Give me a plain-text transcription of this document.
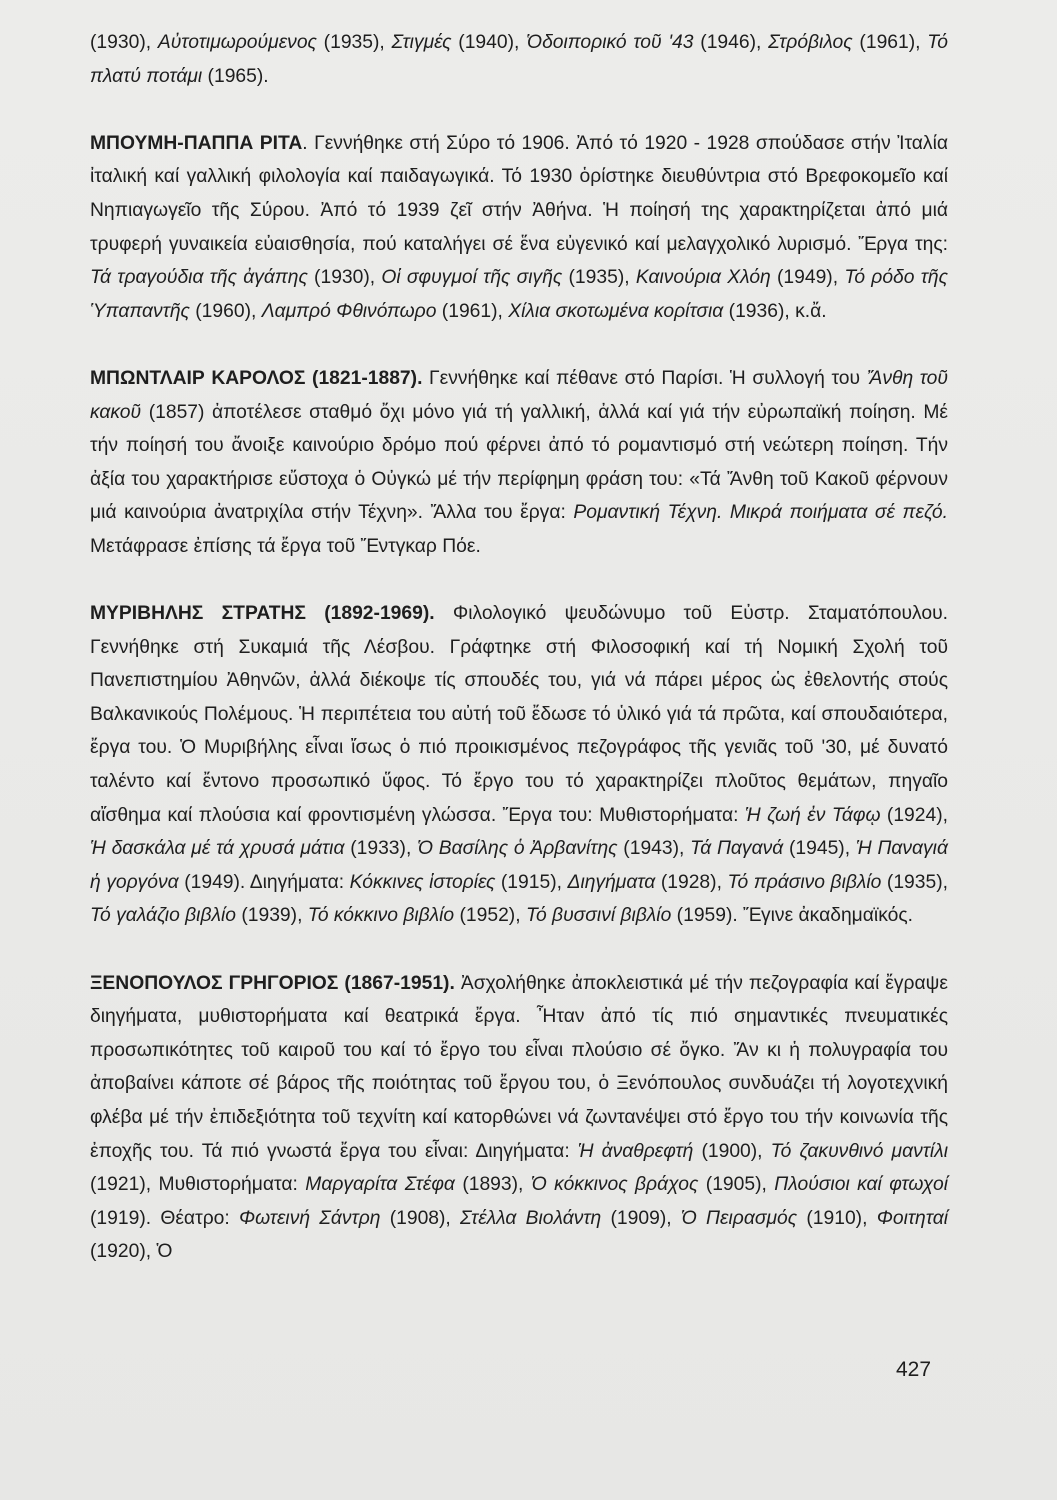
(1930), Αὐτοτιμωρούμενος (1935), Στιγμές (1940), Ὁδοιπορικό τοῦ '43 (1946), Στρόβιλος (1961), Τό πλατύ ποτάμι (1965).

ΜΠΟΥΜΗ-ΠΑΠΠΑ ΡΙΤΑ. Γεννήθηκε στή Σύρο τό 1906. Ἀπό τό 1920 - 1928 σπούδασε στήν Ἰταλία ἰταλική καί γαλλική φιλολογία καί παιδαγωγικά. Τό 1930 ὁρίστηκε διευθύντρια στό Βρεφοκομεῖο καί Νηπιαγωγεῖο τῆς Σύρου. Ἀπό τό 1939 ζεῖ στήν Ἀθήνα. Ἡ ποίησή της χαρακτηρίζεται ἀπό μιά τρυφερή γυναικεία εὐαισθησία, πού καταλήγει σέ ἕνα εὐγενικό καί μελαγχολικό λυρισμό. Ἔργα της: Τά τραγούδια τῆς ἀγάπης (1930), Οἱ σφυγμοί τῆς σιγῆς (1935), Καινούρια Χλόη (1949), Τό ρόδο τῆς Ὑπαπαντῆς (1960), Λαμπρό Φθινόπωρο (1961), Χίλια σκοτωμένα κορίτσια (1936), κ.ἄ.

ΜΠΩΝΤΛΑΙΡ ΚΑΡΟΛΟΣ (1821-1887). Γεννήθηκε καί πέθανε στό Παρίσι. Ἡ συλλογή του Ἄνθη τοῦ κακοῦ (1857) ἀποτέλεσε σταθμό ὄχι μόνο γιά τή γαλλική, ἀλλά καί γιά τήν εὐρωπαϊκή ποίηση. Μέ τήν ποίησή του ἄνοιξε καινούριο δρόμο πού φέρνει ἀπό τό ρομαντισμό στή νεώτερη ποίηση. Τήν ἀξία του χαρακτήρισε εὔστοχα ὁ Οὐγκώ μέ τήν περίφημη φράση του: «Τά Ἄνθη τοῦ Κακοῦ φέρνουν μιά καινούρια ἀνατριχίλα στήν Τέχνη». Ἄλλα του ἔργα: Ρομαντική Τέχνη. Μικρά ποιήματα σέ πεζό. Μετάφρασε ἐπίσης τά ἔργα τοῦ Ἔντγκαρ Πόε.

ΜΥΡΙΒΗΛΗΣ ΣΤΡΑΤΗΣ (1892-1969). Φιλολογικό ψευδώνυμο τοῦ Εὐστρ. Σταματόπουλου. Γεννήθηκε στή Συκαμιά τῆς Λέσβου. Γράφτηκε στή Φιλοσοφική καί τή Νομική Σχολή τοῦ Πανεπιστημίου Ἀθηνῶν, ἀλλά διέκοψε τίς σπουδές του, γιά νά πάρει μέρος ὡς ἐθελοντής στούς Βαλκανικούς Πολέμους. Ἡ περιπέτεια του αὐτή τοῦ ἔδωσε τό ὑλικό γιά τά πρῶτα, καί σπουδαιότερα, ἔργα του. Ὁ Μυριβήλης εἶναι ἴσως ὁ πιό προικισμένος πεζογράφος τῆς γενιᾶς τοῦ '30, μέ δυνατό ταλέντο καί ἔντονο προσωπικό ὕφος. Τό ἔργο του τό χαρακτηρίζει πλοῦτος θεμάτων, πηγαῖο αἴσθημα καί πλούσια καί φροντισμένη γλώσσα. Ἔργα του: Μυθιστορήματα: Ἡ ζωή ἐν Τάφῳ (1924), Ἡ δασκάλα μέ τά χρυσά μάτια (1933), Ὁ Βασίλης ὁ Ἀρβανίτης (1943), Τά Παγανά (1945), Ἡ Παναγιά ἡ γοργόνα (1949). Διηγήματα: Κόκκινες ἱστορίες (1915), Διηγήματα (1928), Τό πράσινο βιβλίο (1935), Τό γαλάζιο βιβλίο (1939), Τό κόκκινο βιβλίο (1952), Τό βυσσινί βιβλίο (1959). Ἔγινε ἀκαδημαϊκός.

ΞΕΝΟΠΟΥΛΟΣ ΓΡΗΓΟΡΙΟΣ (1867-1951). Ἀσχολήθηκε ἀποκλειστικά μέ τήν πεζογραφία καί ἔγραψε διηγήματα, μυθιστορήματα καί θεατρικά ἔργα. Ἦταν ἀπό τίς πιό σημαντικές πνευματικές προσωπικότητες τοῦ καιροῦ του καί τό ἔργο του εἶναι πλούσιο σέ ὄγκο. Ἄν κι ἡ πολυγραφία του ἀποβαίνει κάποτε σέ βάρος τῆς ποιότητας τοῦ ἔργου του, ὁ Ξενόπουλος συνδυάζει τή λογοτεχνική φλέβα μέ τήν ἐπιδεξιότητα τοῦ τεχνίτη καί κατορθώνει νά ζωντανέψει στό ἔργο του τήν κοινωνία τῆς ἐποχῆς του. Τά πιό γνωστά ἔργα του εἶναι: Διηγήματα: Ἡ ἀναθρεφτή (1900), Τό ζακυνθινό μαντίλι (1921), Μυθιστορήματα: Μαργαρίτα Στέφα (1893), Ὁ κόκκινος βράχος (1905), Πλούσιοι καί φτωχοί (1919). Θέατρο: Φωτεινή Σάντρη (1908), Στέλλα Βιολάντη (1909), Ὁ Πειρασμός (1910), Φοιτηταί (1920), Ὁ

427
